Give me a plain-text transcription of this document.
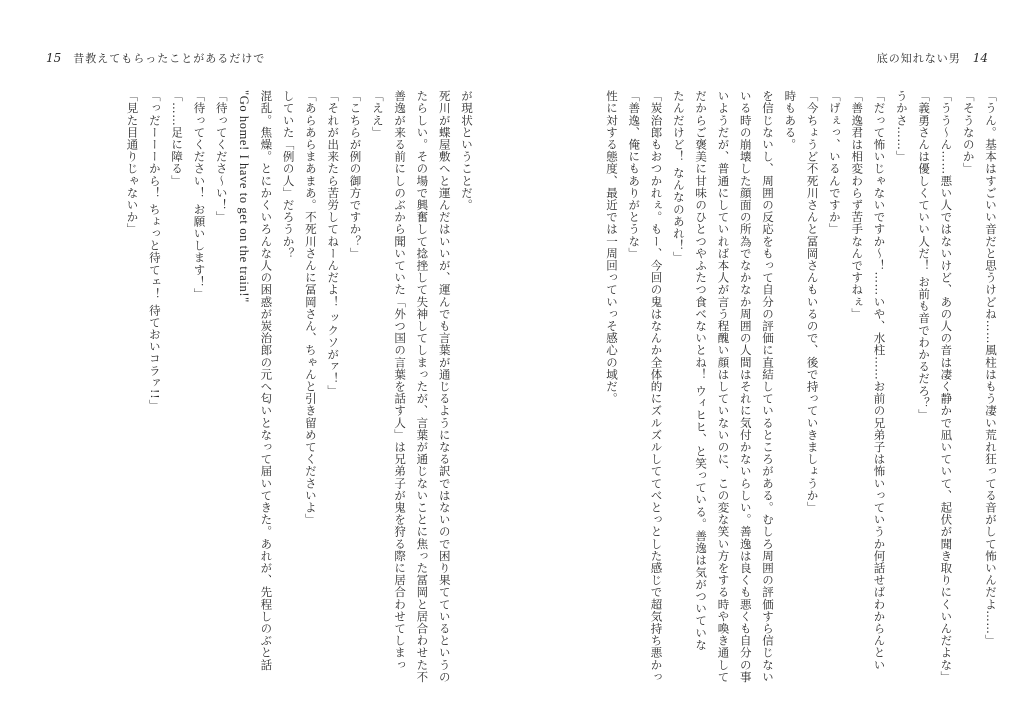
15 昔教えてもらったことがあるだけで
が現状ということだ。
死川が蝶屋敷へと運んだはいいが、運んでも言葉が通じるようになる訳ではないので困り果てているというの
たらしい。その場で興奮して捻挫して失神してしまったが、言葉が通じないことに焦った冨岡と居合わせた不
善逸が来る前にしのぶから聞いていた「外つ国の言葉を話す人」は兄弟子が鬼を狩る際に居合わせてしまっ
「ええ」
「こちらが例の御方ですか？」
「それが出来たら苦労してねーんだよ！ ックソがァ！」
「あらあらまあまあ。不死川さんに冨岡さん、ちゃんと引き留めてくださいよ」
していた「例の人」だろうか？
混乱。焦燥。とにかくいろんな人の困惑が炭治郎の元へ匂いとなって届いてきた。あれが、先程しのぶと話
"Go home! I have to get on the train!"
「待ってくださ〜い！」
「待ってください！ お願いします！」
「……足に障る」
「っだーーーから！ ちょっと待てェ！ 待ておいコラァ!!」
「見た目通りじゃないか」
底の知れない男 14
「うん。基本はすごいい音だと思うけどね……風柱はもう凄い荒れ狂ってる音がして怖いんだよ……」
「そうなのか」
「うう〜ん……悪い人ではないけど、あの人の音は凄く静かで凪いていて、起伏が聞き取りにくいんだよな」
「義勇さんは優しくていい人だ！ お前も音でわかるだろ？」
うかさ……」
「だって怖いじゃないですか〜！……いや、水柱……お前の兄弟子は怖いっていうか何話せばわからんとい
「善逸君は相変わらず苦手なんですねぇ」
「げぇっ、いるんですか」
「今ちょうど不死川さんと冨岡さんもいるので、後で持っていきましょうか」
時もある。
を信じないし、周囲の反応をもって自分の評価に直結しているところがある。むしろ周囲の評価すら信じない
いる時の崩壊した顔面の所為でなかなか周囲の人間はそれに気付かないらしい。善逸は良くも悪くも自分の事
いようだが、普通にしていれば本人が言う程醜い顔はしていないのに、この変な笑い方をする時や喚き通して
だからご褒美に甘味のひとつやふたつ食べないとね！ ウィヒヒ、と笑っている。善逸は気がついていな
たんだけど！ なんなのあれ！」
「炭治郎もおつかれぇ。もー、今回の鬼はなんか全体的にズルズルしててべとっとした感じで超気持ち悪かっ
「善逸、俺にもありがとうな」
性に対する態度、最近では一周回っていっそ感心の域だ。
